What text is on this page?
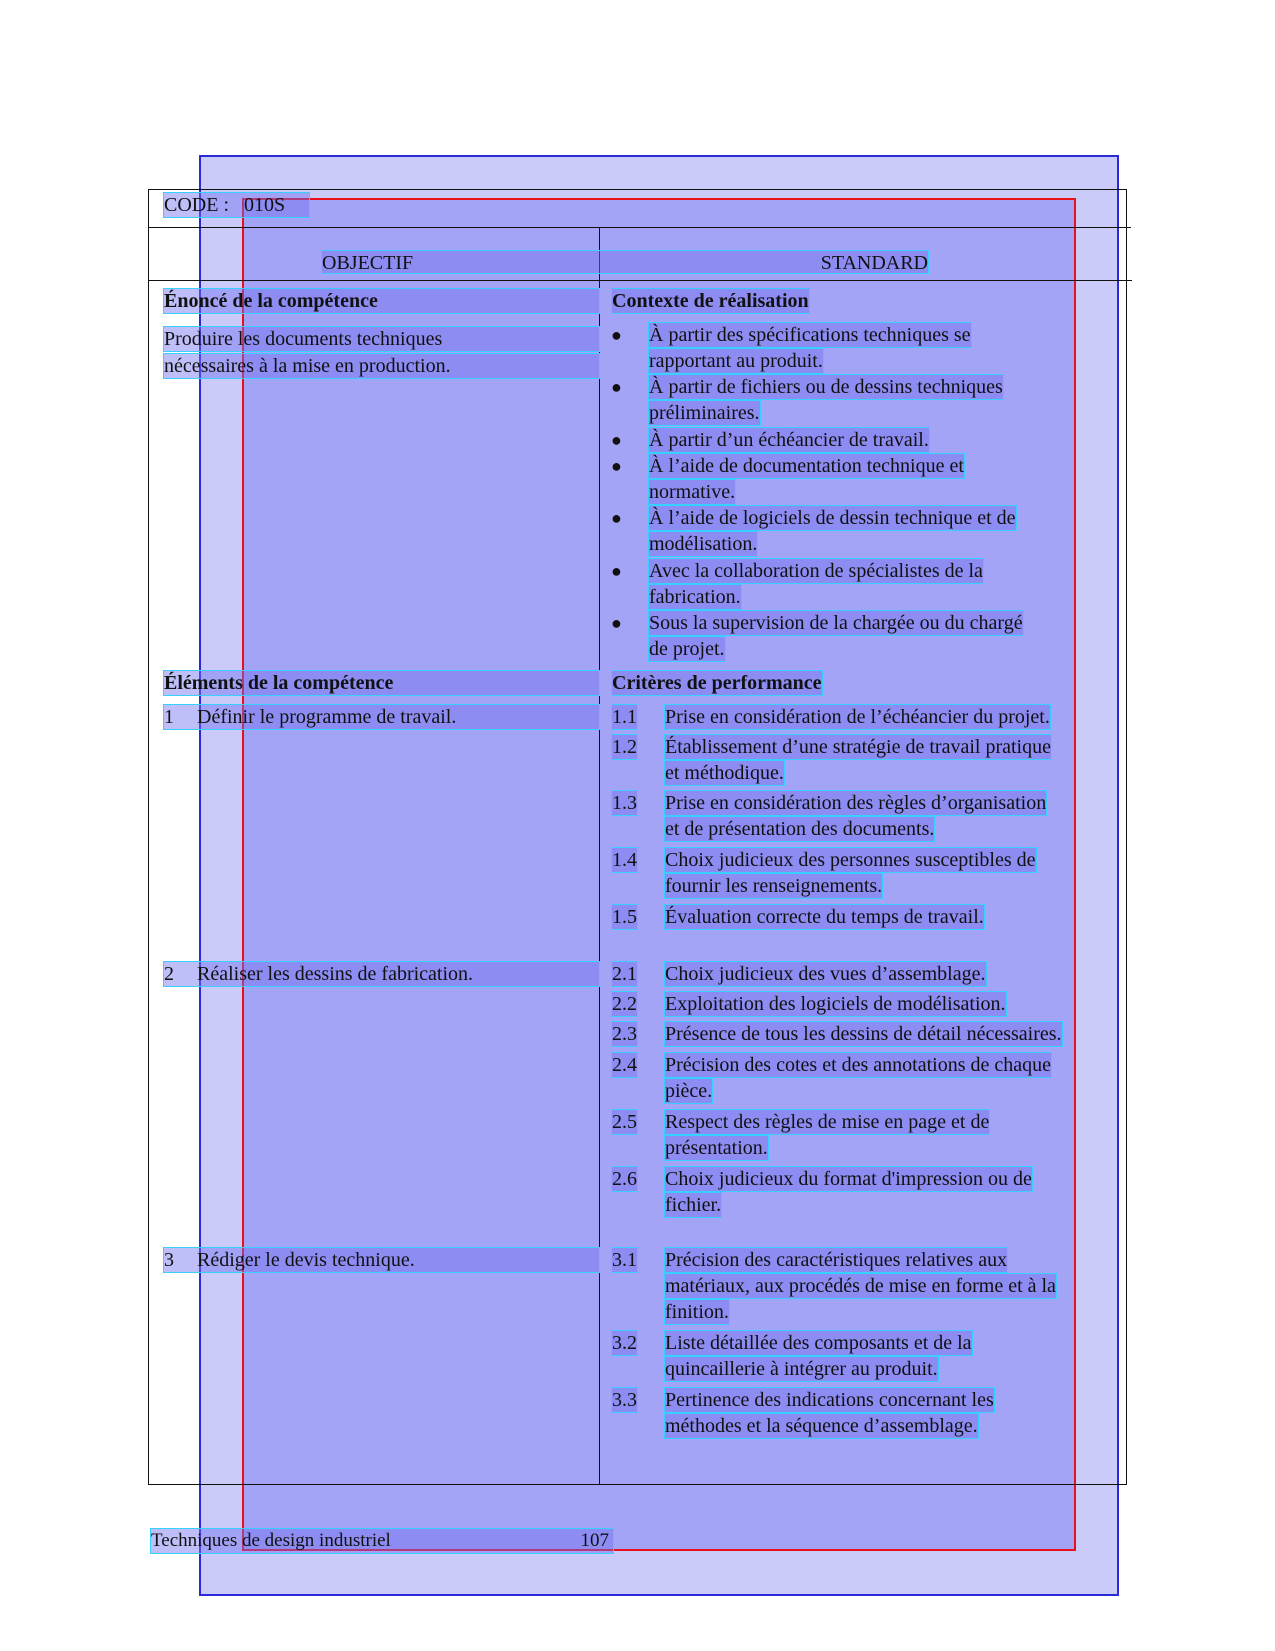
CODE : 010S
OBJECTIF	STANDARD
Énoncé de la compétence
Produire les documents techniques
nécessaires à la mise en production.
Éléments de la compétence
1 Définir le programme de travail.
2 Réaliser les dessins de fabrication.
3 Rédiger le devis technique.
Contexte de réalisation
● À partir des spécifications techniques se
rapportant au produit.
● À partir de fichiers ou de dessins techniques
préliminaires.
● À partir d’un échéancier de travail.
● À l’aide de documentation technique et
normative.
● À l’aide de logiciels de dessin technique et de
modélisation.
● Avec la collaboration de spécialistes de la
fabrication.
● Sous la supervision de la chargée ou du chargé
de projet.
Critères de performance
1.1 Prise en considération de l’échéancier du projet.
1.2 Établissement d’une stratégie de travail pratique
et méthodique.
1.3 Prise en considération des règles d’organisation
et de présentation des documents.
1.4 Choix judicieux des personnes susceptibles de
fournir les renseignements.
1.5 Évaluation correcte du temps de travail.
2.1 Choix judicieux des vues d’assemblage.
2.2 Exploitation des logiciels de modélisation.
2.3 Présence de tous les dessins de détail nécessaires.
2.4 Précision des cotes et des annotations de chaque
pièce.
2.5 Respect des règles de mise en page et de
présentation.
2.6 Choix judicieux du format d'impression ou de
fichier.
3.1 Précision des caractéristiques relatives aux
matériaux, aux procédés de mise en forme et à la
finition.
3.2 Liste détaillée des composants et de la
quincaillerie à intégrer au produit.
3.3 Pertinence des indications concernant les
méthodes et la séquence d’assemblage.
Techniques de design industriel	107
